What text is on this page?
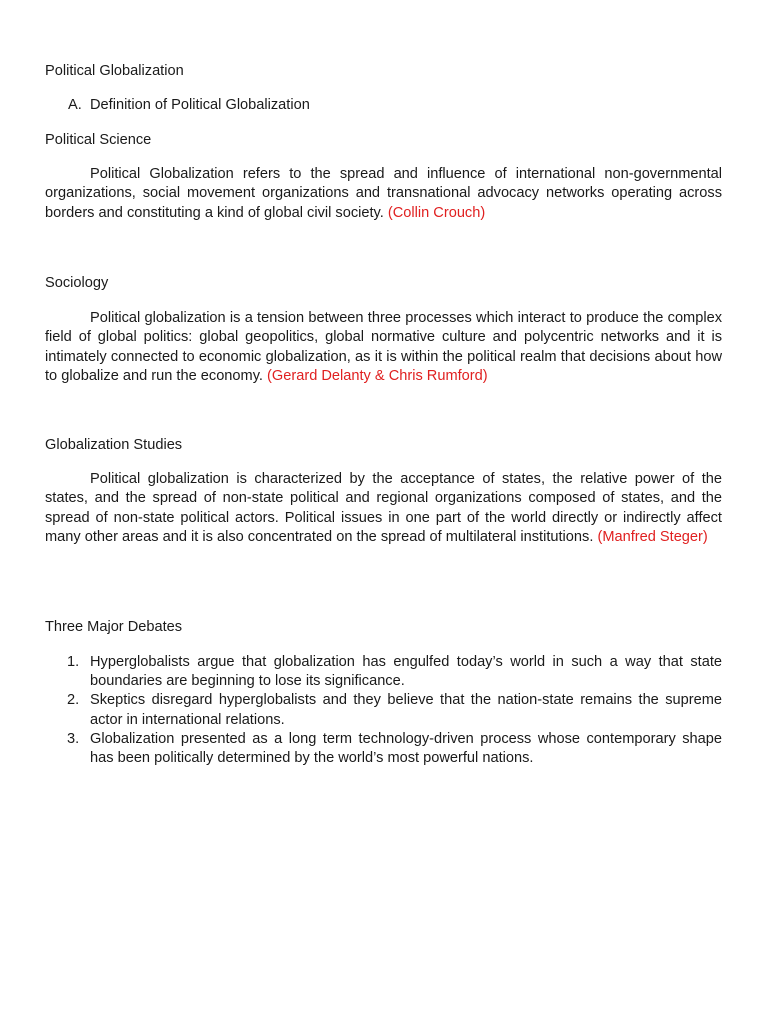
Political Globalization
A. Definition of Political Globalization
Political Science
Political Globalization refers to the spread and influence of international non-governmental organizations, social movement organizations and transnational advocacy networks operating across borders and constituting a kind of global civil society. (Collin Crouch)
Sociology
Political globalization is a tension between three processes which interact to produce the complex field of global politics: global geopolitics, global normative culture and polycentric networks and it is intimately connected to economic globalization, as it is within the political realm that decisions about how to globalize and run the economy. (Gerard Delanty & Chris Rumford)
Globalization Studies
Political globalization is characterized by the acceptance of states, the relative power of the states, and the spread of non-state political and regional organizations composed of states, and the spread of non-state political actors. Political issues in one part of the world directly or indirectly affect many other areas and it is also concentrated on the spread of multilateral institutions. (Manfred Steger)
Three Major Debates
1. Hyperglobalists argue that globalization has engulfed today’s world in such a way that state boundaries are beginning to lose its significance.
2. Skeptics disregard hyperglobalists and they believe that the nation-state remains the supreme actor in international relations.
3. Globalization presented as a long term technology-driven process whose contemporary shape has been politically determined by the world’s most powerful nations.
